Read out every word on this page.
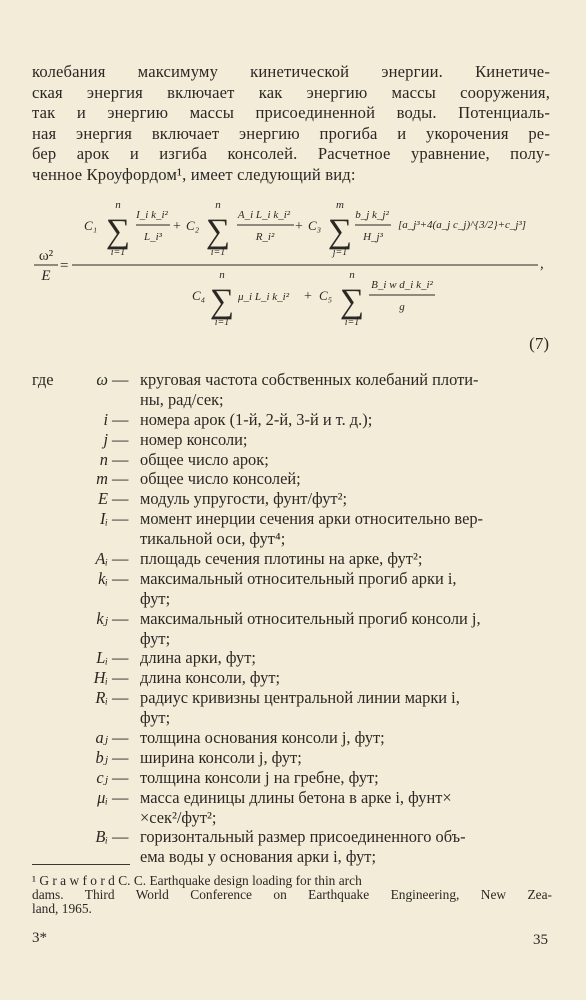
колебания максимуму кинетической энергии. Кинетиче-
ская энергия включает как энергию массы сооружения,
так и энергию массы присоединенной воды. Потенциаль-
ная энергия включает энергию прогиба и укорочения ре-
бер арок и изгиба консолей. Расчетное уравнение, полу-
ченное Кроуфордом¹, имеет следующий вид:
ω²
E
=
C₁
n
∑
i=1
I_i k_i²
L_i³
+ C₂
n
∑
i=1
A_i L_i k_i²
R_i²
+ C₃
m
∑
j=1
b_j k_j²
H_j³
[a_j³+4(a_j c_j)^{3/2}+c_j³]
,
C₄
n
∑
i=1
μ_i L_i k_i² + C₅
n
∑
i=1
B_i w d_i k_i²
g
(7)
где	ω — круговая частота собственных колебаний плоти-
ны, рад/сек;
i — номера арок (1-й, 2-й, 3-й и т. д.);
j — номер консоли;
n — общее число арок;
m — общее число консолей;
E — модуль упругости, фунт/фут²;
Iᵢ — момент инерции сечения арки относительно вер-
тикальной оси, фут⁴;
Aᵢ — площадь сечения плотины на арке, фут²;
kᵢ — максимальный относительный прогиб арки i,
фут;
kⱼ — максимальный относительный прогиб консоли j,
фут;
Lᵢ — длина арки, фут;
Hᵢ — длина консоли, фут;
Rᵢ — радиус кривизны центральной линии марки i,
фут;
aⱼ — толщина основания консоли j, фут;
bⱼ — ширина консоли j, фут;
cⱼ — толщина консоли j на гребне, фут;
μᵢ — масса единицы длины бетона в арке i, фунт×
×сек²/фут²;
Bᵢ — горизонтальный размер присоединенного объ-
ема воды у основания арки i, фут;
¹ G r a w f o r d C. C. Earthquake design loading for thin arch
dams. Third World Conference on Earthquake Engineering, New Zea-
land, 1965.
3*	35
